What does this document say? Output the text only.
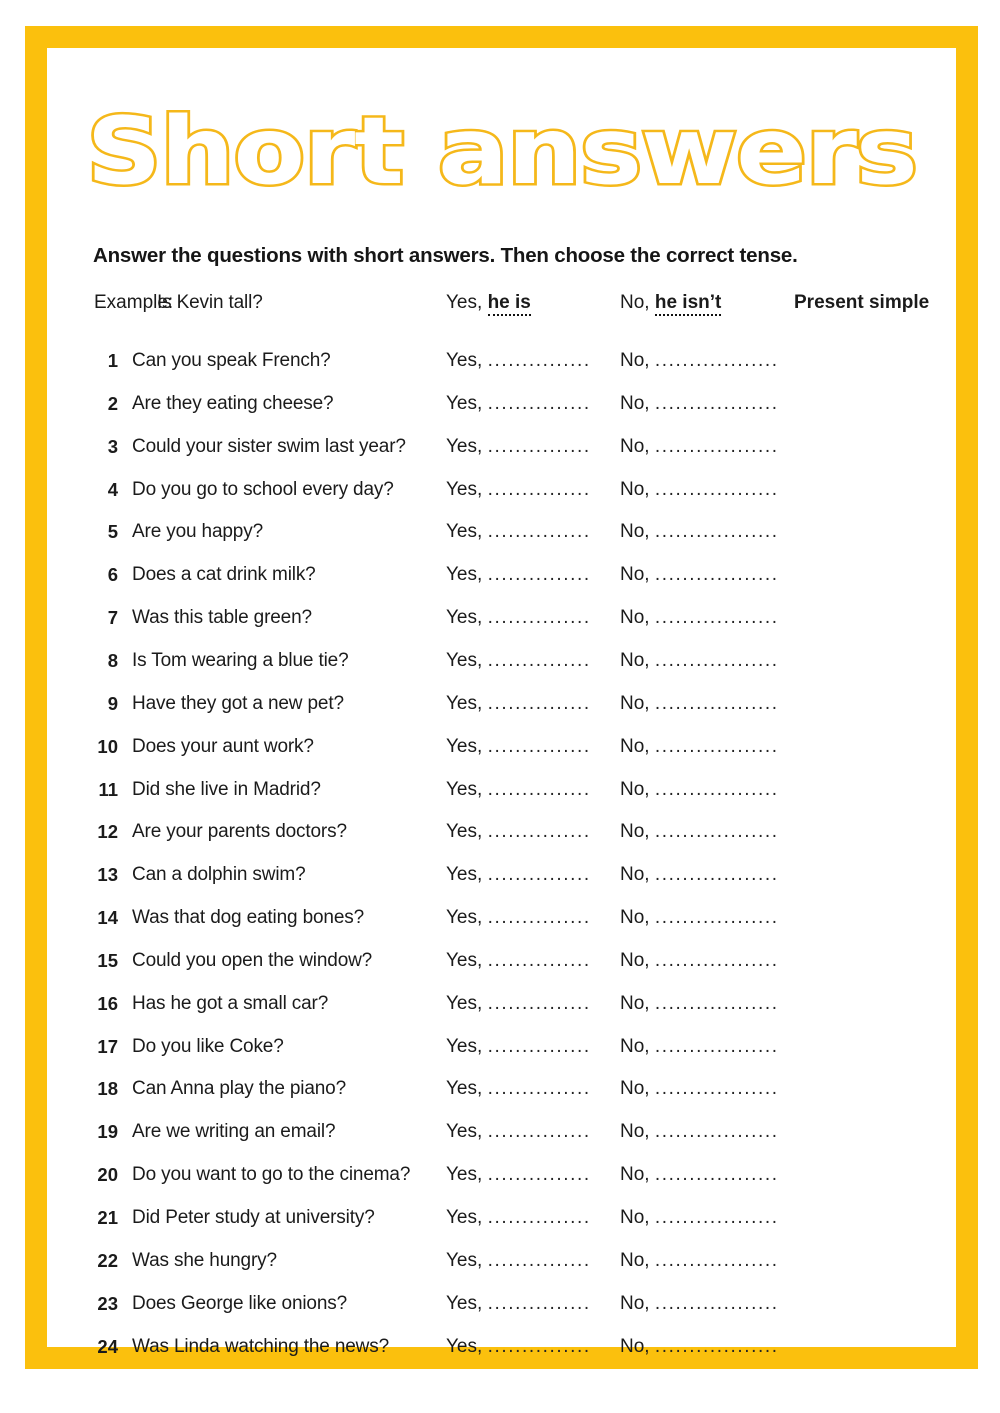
Short answers
Answer the questions with short answers. Then choose the correct tense.
Example:
Is Kevin tall?	Yes, he is	No, he isn’t	Present simple
1 Can you speak French?	Yes, ............... No, ..................
2 Are they eating cheese?	Yes, ............... No, ..................
3 Could your sister swim last year? Yes, ............... No, ..................
4 Do you go to school every day?	Yes, ............... No, ..................
5 Are you happy?	Yes, ............... No, ..................
6 Does a cat drink milk?	Yes, ............... No, ..................
7 Was this table green?	Yes, ............... No, ..................
8 Is Tom wearing a blue tie?	Yes, ............... No, ..................
9 Have they got a new pet?	Yes, ............... No, ..................
10 Does your aunt work?	Yes, ............... No, ..................
11 Did she live in Madrid?	Yes, ............... No, ..................
12 Are your parents doctors?	Yes, ............... No, ..................
13 Can a dolphin swim?	Yes, ............... No, ..................
14 Was that dog eating bones?	Yes, ............... No, ..................
15 Could you open the window?	Yes, ............... No, ..................
16 Has he got a small car?	Yes, ............... No, ..................
17 Do you like Coke?	Yes, ............... No, ..................
18 Can Anna play the piano?	Yes, ............... No, ..................
19 Are we writing an email?	Yes, ............... No, ..................
20 Do you want to go to the cinema? Yes, ............... No, ..................
21 Did Peter study at university?	Yes, ............... No, ..................
22 Was she hungry?	Yes, ............... No, ..................
23 Does George like onions?	Yes, ............... No, ..................
24 Was Linda watching the news?	Yes, ............... No, ..................
